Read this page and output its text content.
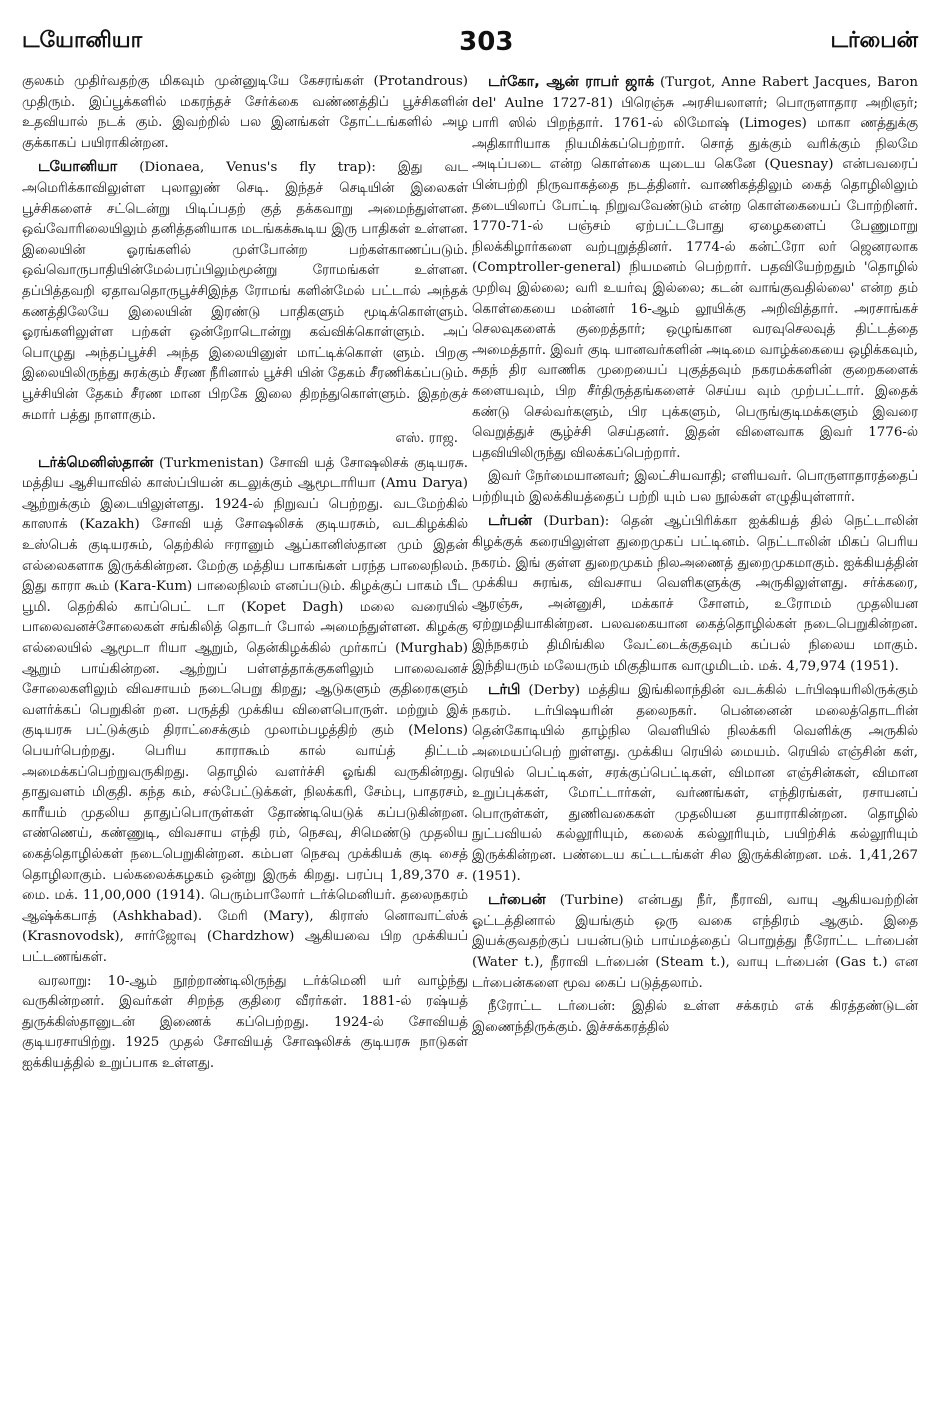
டயோனியா	303	டர்பைன்

குலகம் முதிர்வதற்கு மிகவும் முன்னுடியே கேசரங்கள் (Protandrous) முதிரும். இப்பூக்களில் மகரந்தச் சேர்க்கை வண்ணத்திப் பூச்சிகளின் உதவியால் நடக் கும். இவற்றில் பல இனங்கள் தோட்டங்களில் அழ குக்காகப் பயிராகின்றன.

டயோனியா (Dionaea, Venus's fly trap): இது வட அமெரிக்காவிலுள்ள புலாலுண் செடி. இந்தச் செடியின் இலைகள் பூச்சிகளைச் சட்டென்று பிடிப்பதற் குத் தக்கவாறு அமைந்துள்ளன. ஒவ்வோரிலையிலும் தனித்தனியாக மடங்கக்கூடிய இரு பாதிகள் உள்ளன. இலையின் ஓரங்களில் முள்போன்ற பற்கள்காணப்படும். ஒவ்வொருபாதியின்மேல்பரப்பிலும்மூன்று ரோமங்கள் உள்ளன. தப்பித்தவறி ஏதாவதொருபூச்சிஇந்த ரோமங் களின்மேல் பட்டால் அந்தக் கணத்திலேயே இலையின் இரண்டு பாதிகளும் மூடிக்கொள்ளும். ஓரங்களிலுள்ள பற்கள் ஒன்றோடொன்று கவ்விக்கொள்ளும். அப் பொழுது அந்தப்பூச்சி அந்த இலையினுள் மாட்டிக்கொள் ளும். பிறகு இலையிலிருந்து சுரக்கும் சீரண நீரினால் பூச்சி யின் தேகம் சீரணிக்கப்படும். பூச்சியின் தேகம் சீரண மான பிறகே இலை திறந்துகொள்ளும். இதற்குச் சுமார் பத்து நாளாகும்.

எஸ். ராஜ.

டர்க்மெனிஸ்தான் (Turkmenistan) சோவி யத் சோஷலிசக் குடியரசு. மத்திய ஆசியாவில் காஸ்ப்பியன் கடலுக்கும் ஆமூடாரியா (Amu Darya) ஆற்றுக்கும் இடையிலுள்ளது. 1924-ல் நிறுவப் பெற்றது. வடமேற்கில் காஸாக் (Kazakh) சோவி யத் சோஷலிசக் குடியரசும், வடகிழக்கில் உஸ்பெக் குடியரசும், தெற்கில் ஈரானும் ஆப்கானிஸ்தான மும் இதன் எல்லைகளாக இருக்கின்றன. மேற்கு மத்திய பாகங்கள் பரந்த பாலைநிலம். இது காரா கூம் (Kara-Kum) பாலைநிலம் எனப்படும். கிழக்குப் பாகம் பீட பூமி. தெற்கில் காப்பெட் டா (Kopet Dagh) மலை வரையில் பாலைவனச்சோலைகள் சங்கிலித் தொடர் போல் அமைந்துள்ளன. கிழக்கு எல்லையில் ஆமூடா ரியா ஆறும், தென்கிழக்கில் முர்காப் (Murghab) ஆறும் பாய்கின்றன. ஆற்றுப் பள்ளத்தாக்குகளிலும் பாலைவனச் சோலைகளிலும் விவசாயம் நடைபெறு கிறது; ஆடுகளும் குதிரைகளும் வளர்க்கப் பெறுகின் றன. பருத்தி முக்கிய விளைபொருள். மற்றும் இக் குடியரசு பட்டுக்கும் திராட்சைக்கும் முலாம்பழத்திற் கும் (Melons) பெயர்பெற்றது. பெரிய காராகூம் கால் வாய்த் திட்டம் அமைக்கப்பெற்றுவருகிறது. தொழில் வளர்ச்சி ஓங்கி வருகின்றது. தாதுவளம் மிகுதி. கந்த கம், சல்பேட்டுக்கள், நிலக்கரி, சேம்பு, பாதரசம், காரீயம் முதலிய தாதுப்பொருள்கள் தோண்டியெடுக் கப்படுகின்றன. எண்ணெய், கண்ணுடி, விவசாய எந்தி ரம், நெசவு, சிமெண்டு முதலிய கைத்தொழில்கள் நடைபெறுகின்றன. கம்பள நெசவு முக்கியக் குடி சைத் தொழிலாகும். பல்கலைக்கழகம் ஒன்று இருக் கிறது. பரப்பு 1,89,370 ச. மை. மக். 11,00,000 (1914). பெரும்பாலோர் டர்க்மெனியர். தலைநகரம் ஆஷ்க்கபாத் (Ashkhabad). மேரி (Mary), கிராஸ் னொவாட்ஸ்க் (Krasnovodsk), சார்ஜோவு (Chardzhow) ஆகியவை பிற முக்கியப் பட்டணங்கள்.

வரலாறு: 10-ஆம் நூற்றாண்டிலிருந்து டர்க்மெனி யர் வாழ்ந்து வருகின்றனர். இவர்கள் சிறந்த குதிரை வீரர்கள். 1881-ல் ரஷ்யத் துருக்கிஸ்தானுடன் இணைக் கப்பெற்றது. 1924-ல் சோவியத் குடியரசாயிற்று. 1925 முதல் சோவியத் சோஷலிசக் குடியரசு நாடுகள் ஐக்கியத்தில் உறுப்பாக உள்ளது.

டர்கோ, ஆன் ராபர் ஜாக் (Turgot, Anne Rabert Jacques, Baron del' Aulne 1727-81) பிரெஞ்சு அரசியலாளர்; பொருளாதார அறிஞர்; பாரி ஸில் பிறந்தார். 1761-ல் லிமோஷ் (Limoges) மாகா ணத்துக்கு அதிகாரியாக நியமிக்கப்பெற்றார். சொத் துக்கும் வரிக்கும் நிலமே அடிப்படை என்ற கொள்கை யுடைய கெனே (Quesnay) என்பவரைப் பின்பற்றி நிருவாகத்தை நடத்தினர். வாணிகத்திலும் கைத் தொழிலிலும் தடையிலாப் போட்டி நிறுவவேண்டும் என்ற கொள்கையைப் போற்றினர். 1770-71-ல் பஞ்சம் ஏற்பட்டபோது ஏழைகளைப் பேணுமாறு நிலக்கிழார்களை வற்புறுத்தினர். 1774-ல் கன்ட்ரோ லர் ஜெனரலாக (Comptroller-general) நியமனம் பெற்றார். பதவியேற்றதும் 'தொழில் முறிவு இல்லை; வரி உயர்வு இல்லை; கடன் வாங்குவதில்லை' என்ற தம் கொள்கையை மன்னர் 16-ஆம் லூயிக்கு அறிவித்தார். அரசாங்கச் செலவுகளைக் குறைத்தார்; ஒழுங்கான வரவுசெலவுத் திட்டத்தை அமைத்தார். இவர் குடி யானவர்களின் அடிமை வாழ்க்கையை ஒழிக்கவும், சுதந் திர வாணிக முறையைப் புகுத்தவும் நகரமக்களின் குறைகளைக் களையவும், பிற சீர்திருத்தங்களைச் செய்ய வும் முற்பட்டார். இதைக் கண்டு செல்வர்களும், பிர புக்களும், பெருங்குடிமக்களும் இவரை வெறுத்துச் சூழ்ச்சி செய்தனர். இதன் விளைவாக இவர் 1776-ல் பதவியிலிருந்து விலக்கப்பெற்றார்.

இவர் நேர்மையானவர்; இலட்சியவாதி; எளியவர். பொருளாதாரத்தைப் பற்றியும் இலக்கியத்தைப் பற்றி யும் பல நூல்கள் எழுதியுள்ளார்.

டர்பன் (Durban): தென் ஆப்பிரிக்கா ஐக்கியத் தில் நெட்டாலின் கிழக்குக் கரையிலுள்ள துறைமுகப் பட்டினம். நெட்டாலின் மிகப் பெரிய நகரம். இங் குள்ள துறைமுகம் நிலஅணைத் துறைமுகமாகும். ஐக்கியத்தின் முக்கிய சுரங்க, விவசாய வெளிகளுக்கு அருகிலுள்ளது. சர்க்கரை, ஆரஞ்சு, அன்னுசி, மக்காச் சோளம், உரோமம் முதலியன ஏற்றுமதியாகின்றன. பலவகையான கைத்தொழில்கள் நடைபெறுகின்றன. இந்நகரம் திமிங்கில வேட்டைக்குதவும் கப்பல் நிலைய மாகும். இந்தியரும் மலேயரும் மிகுதியாக வாழுமிடம். மக். 4,79,974 (1951).

டர்பி (Derby) மத்திய இங்கிலாந்தின் வடக்கில் டர்பிஷயரிலிருக்கும் நகரம். டர்பிஷயரின் தலைநகர். பென்னைன் மலைத்தொடரின் தென்கோடியில் தாழ்நில வெளியில் நிலக்கரி வெளிக்கு அருகில் அமையப்பெற் றுள்ளது. முக்கிய ரெயில் மையம். ரெயில் எஞ்சின் கள், ரெயில் பெட்டிகள், சரக்குப்பெட்டிகள், விமான எஞ்சின்கள், விமான உறுப்புக்கள், மோட்டார்கள், வர்ணங்கள், எந்திரங்கள், ரசாயனப் பொருள்கள், துணிவகைகள் முதலியன தயாராகின்றன. தொழில் நுட்பவியல் கல்லூரியும், கலைக் கல்லூரியும், பயிற்சிக் கல்லூரியும் இருக்கின்றன. பண்டைய கட்டடங்கள் சில இருக்கின்றன. மக். 1,41,267 (1951).

டர்பைன் (Turbine) என்பது நீர், நீராவி, வாயு ஆகியவற்றின் ஓட்டத்தினால் இயங்கும் ஒரு வகை எந்திரம் ஆகும். இதை இயக்குவதற்குப் பயன்படும் பாய்மத்தைப் பொறுத்து நீரோட்ட டர்பைன் (Water t.), நீராவி டர்பைன் (Steam t.), வாயு டர்பைன் (Gas t.) என டர்பைன்களை மூவ கைப் படுத்தலாம்.

நீரோட்ட டர்பைன்: இதில் உள்ள சக்கரம் எக் கிரத்தண்டுடன் இணைந்திருக்கும். இச்சக்கரத்தில்
